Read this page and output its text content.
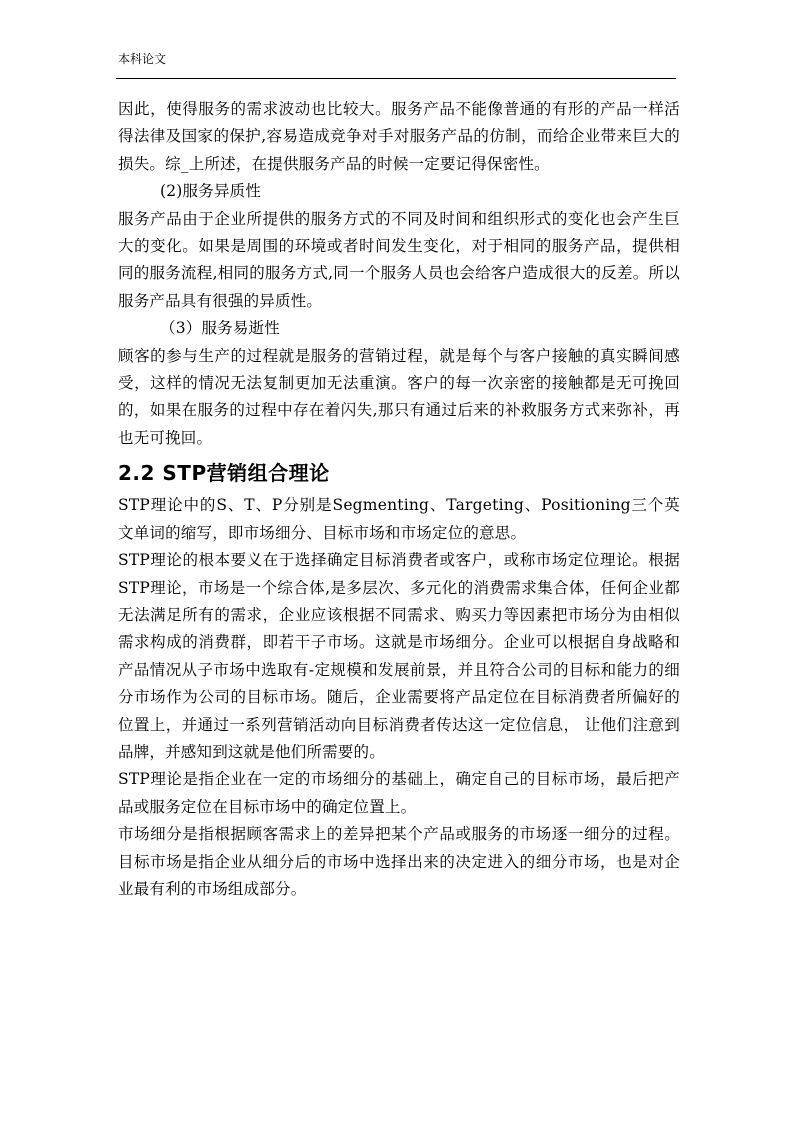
本科论文

因此，使得服务的需求波动也比较大。服务产品不能像普通的有形的产品一样活得法律及国家的保护,容易造成竞争对手对服务产品的仿制，而给企业带来巨大的损失。综_上所述，在提供服务产品的时候一定要记得保密性。

(2)服务异质性

服务产品由于企业所提供的服务方式的不同及时间和组织形式的变化也会产生巨大的变化。如果是周围的环境或者时间发生变化，对于相同的服务产品，提供相同的服务流程,相同的服务方式,同一个服务人员也会给客户造成很大的反差。所以服务产品具有很强的异质性。

（3）服务易逝性

顾客的参与生产的过程就是服务的营销过程，就是每个与客户接触的真实瞬间感受，这样的情况无法复制更加无法重演。客户的每一次亲密的接触都是无可挽回的，如果在服务的过程中存在着闪失,那只有通过后来的补救服务方式来弥补，再也无可挽回。

2.2 STP营销组合理论

STP理论中的S、T、P分别是Segmenting、Targeting、Positioning三个英文单词的缩写，即市场细分、目标市场和市场定位的意思。

STP理论的根本要义在于选择确定目标消费者或客户，或称市场定位理论。根据STP理论，市场是一个综合体,是多层次、多元化的消费需求集合体，任何企业都无法满足所有的需求，企业应该根据不同需求、购买力等因素把市场分为由相似需求构成的消费群，即若干子市场。这就是市场细分。企业可以根据自身战略和产品情况从子市场中选取有-定规模和发展前景，并且符合公司的目标和能力的细分市场作为公司的目标市场。随后，企业需要将产品定位在目标消费者所偏好的位置上，并通过一系列营销活动向目标消费者传达这一定位信息， 让他们注意到品牌，并感知到这就是他们所需要的。

STP理论是指企业在一定的市场细分的基础上，确定自己的目标市场，最后把产品或服务定位在目标市场中的确定位置上。

市场细分是指根据顾客需求上的差异把某个产品或服务的市场逐一细分的过程。目标市场是指企业从细分后的市场中选择出来的决定进入的细分市场，也是对企业最有利的市场组成部分。
